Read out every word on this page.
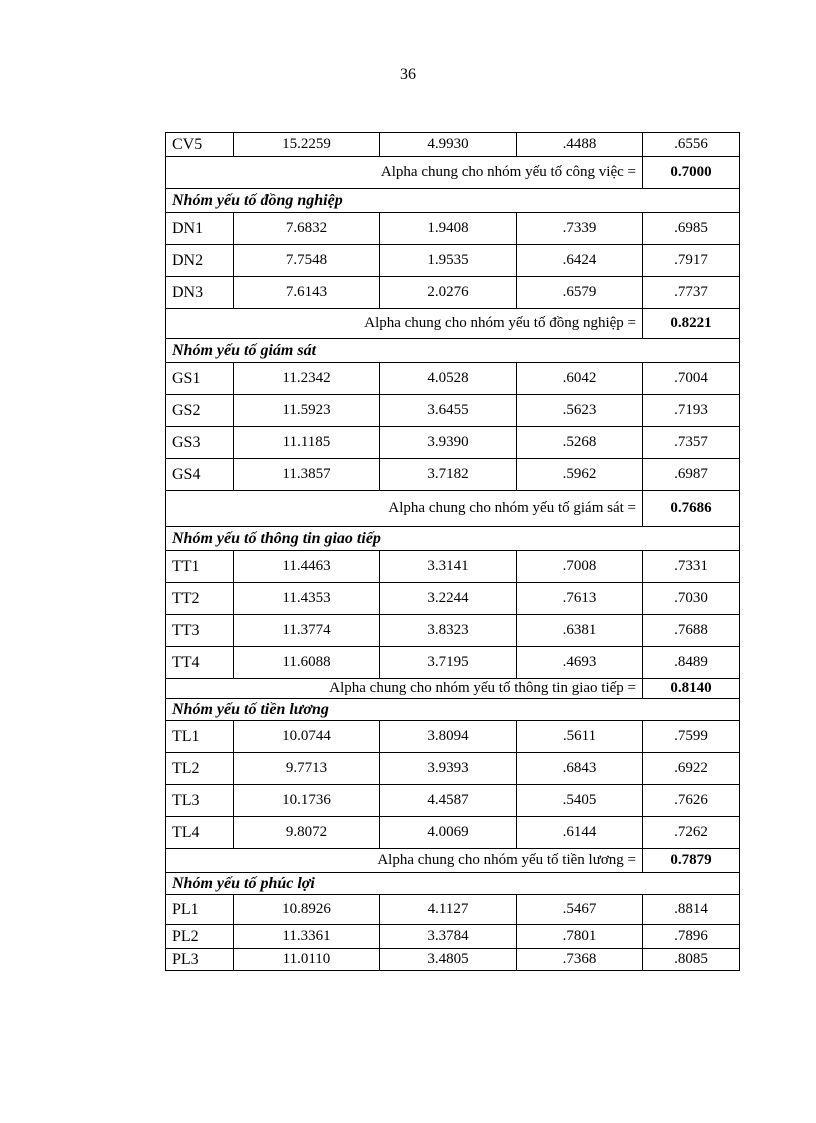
36
CV5	15.2259	4.9930	.4488	.6556
Alpha chung cho nhóm yếu tố công việc =				0.7000
Nhóm yếu tố đồng nghiệp				
DN1	7.6832	1.9408	.7339	.6985
DN2	7.7548	1.9535	.6424	.7917
DN3	7.6143	2.0276	.6579	.7737
Alpha chung cho nhóm yếu tố đồng nghiệp =				0.8221
Nhóm yếu tố giám sát				
GS1	11.2342	4.0528	.6042	.7004
GS2	11.5923	3.6455	.5623	.7193
GS3	11.1185	3.9390	.5268	.7357
GS4	11.3857	3.7182	.5962	.6987
Alpha chung cho nhóm yếu tố giám sát =				0.7686
Nhóm yếu tố thông tin giao tiếp				
TT1	11.4463	3.3141	.7008	.7331
TT2	11.4353	3.2244	.7613	.7030
TT3	11.3774	3.8323	.6381	.7688
TT4	11.6088	3.7195	.4693	.8489
Alpha chung cho nhóm yếu tố thông tin giao tiếp =				0.8140
Nhóm yếu tố tiền lương				
TL1	10.0744	3.8094	.5611	.7599
TL2	9.7713	3.9393	.6843	.6922
TL3	10.1736	4.4587	.5405	.7626
TL4	9.8072	4.0069	.6144	.7262
Alpha chung cho nhóm yếu tố tiền lương =				0.7879
Nhóm yếu tố phúc lợi				
PL1	10.8926	4.1127	.5467	.8814
PL2	11.3361	3.3784	.7801	.7896
PL3	11.0110	3.4805	.7368	.8085
